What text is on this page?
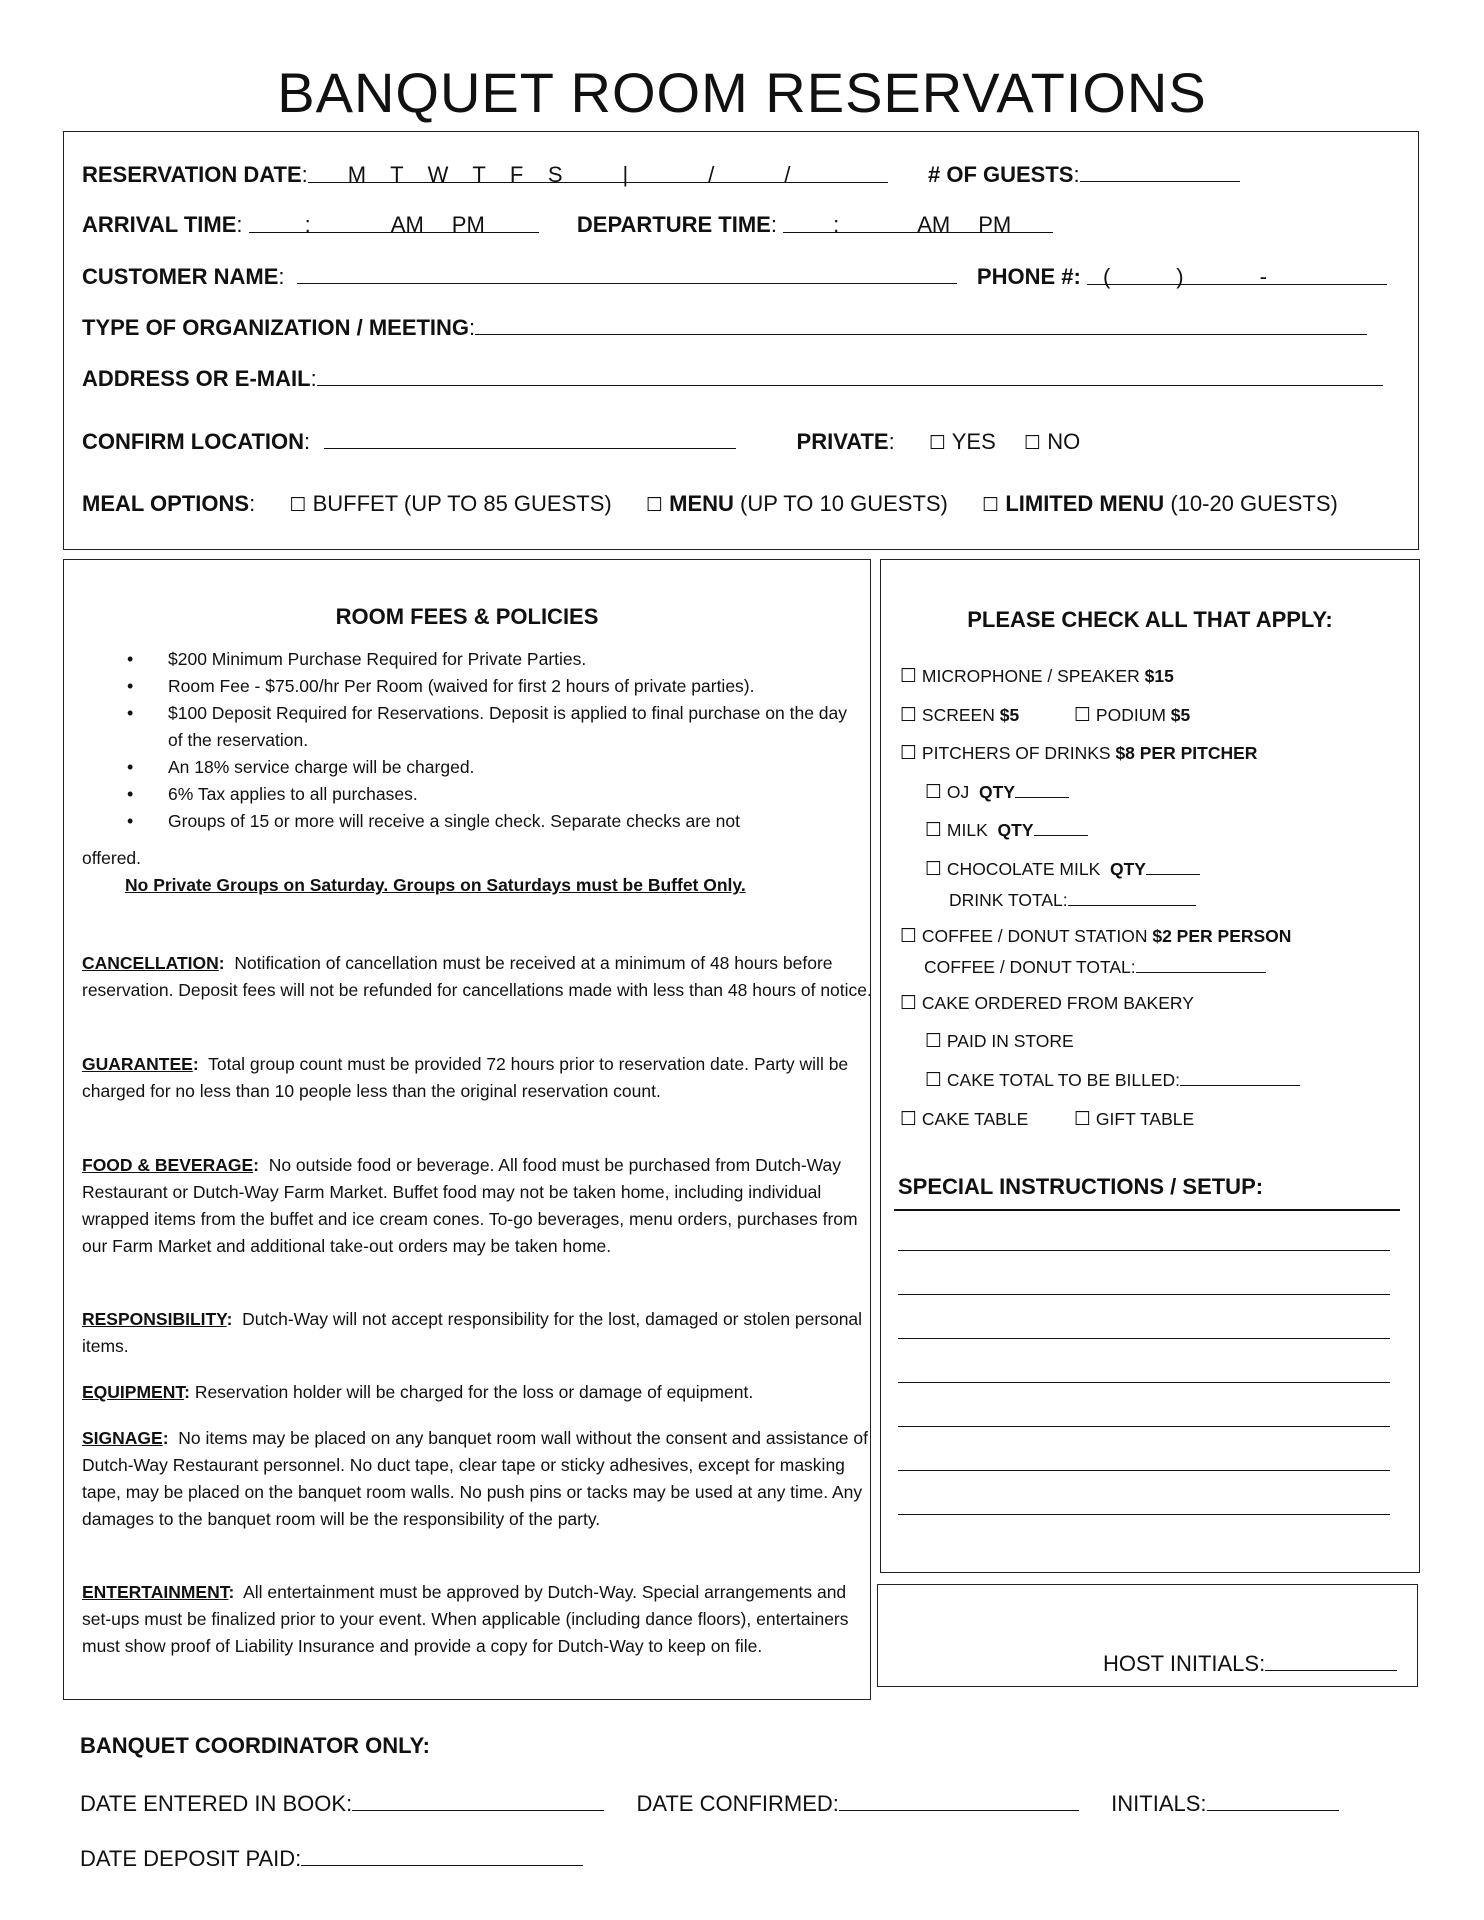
BANQUET ROOM RESERVATIONS
RESERVATION DATE: M    T    W    T    F    S	|	/	/	# OF GUESTS:
ARRIVAL TIME:	:	AM PM	DEPARTURE TIME:	:	AM PM
CUSTOMER NAME:	PHONE #: (	)	-
TYPE OF ORGANIZATION / MEETING:
ADDRESS OR E-MAIL:
CONFIRM LOCATION:	PRIVATE: ☐ YES ☐ NO
MEAL OPTIONS: ☐ BUFFET (UP TO 85 GUESTS) ☐ MENU (UP TO 10 GUESTS) ☐ LIMITED MENU (10-20 GUESTS)
ROOM FEES & POLICIES
• $200 Minimum Purchase Required for Private Parties.
• Room Fee - $75.00/hr Per Room (waived for first 2 hours of private parties).
• $100 Deposit Required for Reservations. Deposit is applied to final purchase on the day of the reservation.
• An 18% service charge will be charged.
• 6% Tax applies to all purchases.
• Groups of 15 or more will receive a single check. Separate checks are not
offered.
No Private Groups on Saturday. Groups on Saturdays must be Buffet Only.
CANCELLATION: Notification of cancellation must be received at a minimum of 48 hours before reservation. Deposit fees will not be refunded for cancellations made with less than 48 hours of notice.
GUARANTEE: Total group count must be provided 72 hours prior to reservation date. Party will be charged for no less than 10 people less than the original reservation count.
FOOD & BEVERAGE: No outside food or beverage. All food must be purchased from Dutch-Way Restaurant or Dutch-Way Farm Market. Buffet food may not be taken home, including individual wrapped items from the buffet and ice cream cones. To-go beverages, menu orders, purchases from our Farm Market and additional take-out orders may be taken home.
RESPONSIBILITY: Dutch-Way will not accept responsibility for the lost, damaged or stolen personal items.
EQUIPMENT: Reservation holder will be charged for the loss or damage of equipment.
SIGNAGE: No items may be placed on any banquet room wall without the consent and assistance of Dutch-Way Restaurant personnel. No duct tape, clear tape or sticky adhesives, except for masking tape, may be placed on the banquet room walls. No push pins or tacks may be used at any time. Any damages to the banquet room will be the responsibility of the party.
ENTERTAINMENT: All entertainment must be approved by Dutch-Way. Special arrangements and set-ups must be finalized prior to your event. When applicable (including dance floors), entertainers must show proof of Liability Insurance and provide a copy for Dutch-Way to keep on file.
PLEASE CHECK ALL THAT APPLY:
☐ MICROPHONE / SPEAKER $15
☐ SCREEN $5	☐ PODIUM $5
☐ PITCHERS OF DRINKS $8 PER PITCHER
☐ OJ QTY
☐ MILK QTY
☐ CHOCOLATE MILK QTY
DRINK TOTAL:
☐ COFFEE / DONUT STATION $2 PER PERSON
COFFEE / DONUT TOTAL:
☐ CAKE ORDERED FROM BAKERY
☐ PAID IN STORE
☐ CAKE TOTAL TO BE BILLED:
☐ CAKE TABLE ☐ GIFT TABLE
SPECIAL INSTRUCTIONS / SETUP:
HOST INITIALS:
BANQUET COORDINATOR ONLY:
DATE ENTERED IN BOOK:	DATE CONFIRMED:	INITIALS:
DATE DEPOSIT PAID:
